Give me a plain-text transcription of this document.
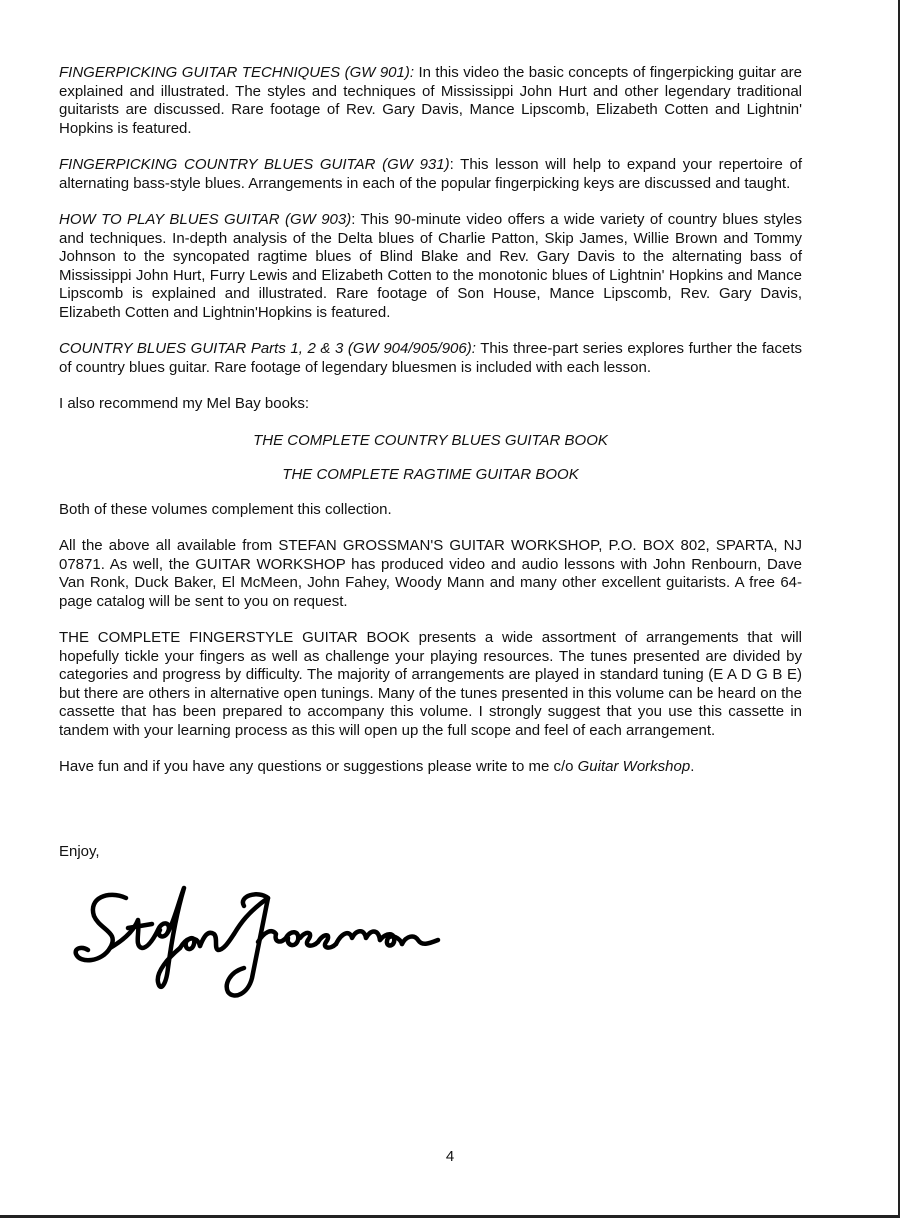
FINGERPICKING GUITAR TECHNIQUES (GW 901): In this video the basic concepts of fingerpicking guitar are explained and illustrated. The styles and techniques of Mississippi John Hurt and other legendary traditional guitarists are discussed. Rare footage of Rev. Gary Davis, Mance Lipscomb, Elizabeth Cotten and Lightnin' Hopkins is featured.

FINGERPICKING COUNTRY BLUES GUITAR (GW 931): This lesson will help to expand your repertoire of alternating bass-style blues. Arrangements in each of the popular fingerpicking keys are discussed and taught.

HOW TO PLAY BLUES GUITAR (GW 903): This 90-minute video offers a wide variety of country blues styles and techniques. In-depth analysis of the Delta blues of Charlie Patton, Skip James, Willie Brown and Tommy Johnson to the syncopated ragtime blues of Blind Blake and Rev. Gary Davis to the alternating bass of Mississippi John Hurt, Furry Lewis and Elizabeth Cotten to the monotonic blues of Lightnin' Hopkins and Mance Lipscomb is explained and illustrated. Rare footage of Son House, Mance Lipscomb, Rev. Gary Davis, Elizabeth Cotten and Lightnin'Hopkins is featured.

COUNTRY BLUES GUITAR Parts 1, 2 & 3 (GW 904/905/906): This three-part series explores further the facets of country blues guitar. Rare footage of legendary bluesmen is included with each lesson.

I also recommend my Mel Bay books:

THE COMPLETE COUNTRY BLUES GUITAR BOOK

THE COMPLETE RAGTIME GUITAR BOOK

Both of these volumes complement this collection.

All the above all available from STEFAN GROSSMAN'S GUITAR WORKSHOP, P.O. BOX 802, SPARTA, NJ 07871. As well, the GUITAR WORKSHOP has produced video and audio lessons with John Renbourn, Dave Van Ronk, Duck Baker, El McMeen, John Fahey, Woody Mann and many other excellent guitarists. A free 64-page catalog will be sent to you on request.

THE COMPLETE FINGERSTYLE GUITAR BOOK presents a wide assortment of arrangements that will hopefully tickle your fingers as well as challenge your playing resources. The tunes presented are divided by categories and progress by difficulty. The majority of arrangements are played in standard tuning (E A D G B E) but there are others in alternative open tunings. Many of the tunes presented in this volume can be heard on the cassette that has been prepared to accompany this volume. I strongly suggest that you use this cassette in tandem with your learning process as this will open up the full scope and feel of each arrangement.

Have fun and if you have any questions or suggestions please write to me c/o Guitar Workshop.

Enjoy,

4
